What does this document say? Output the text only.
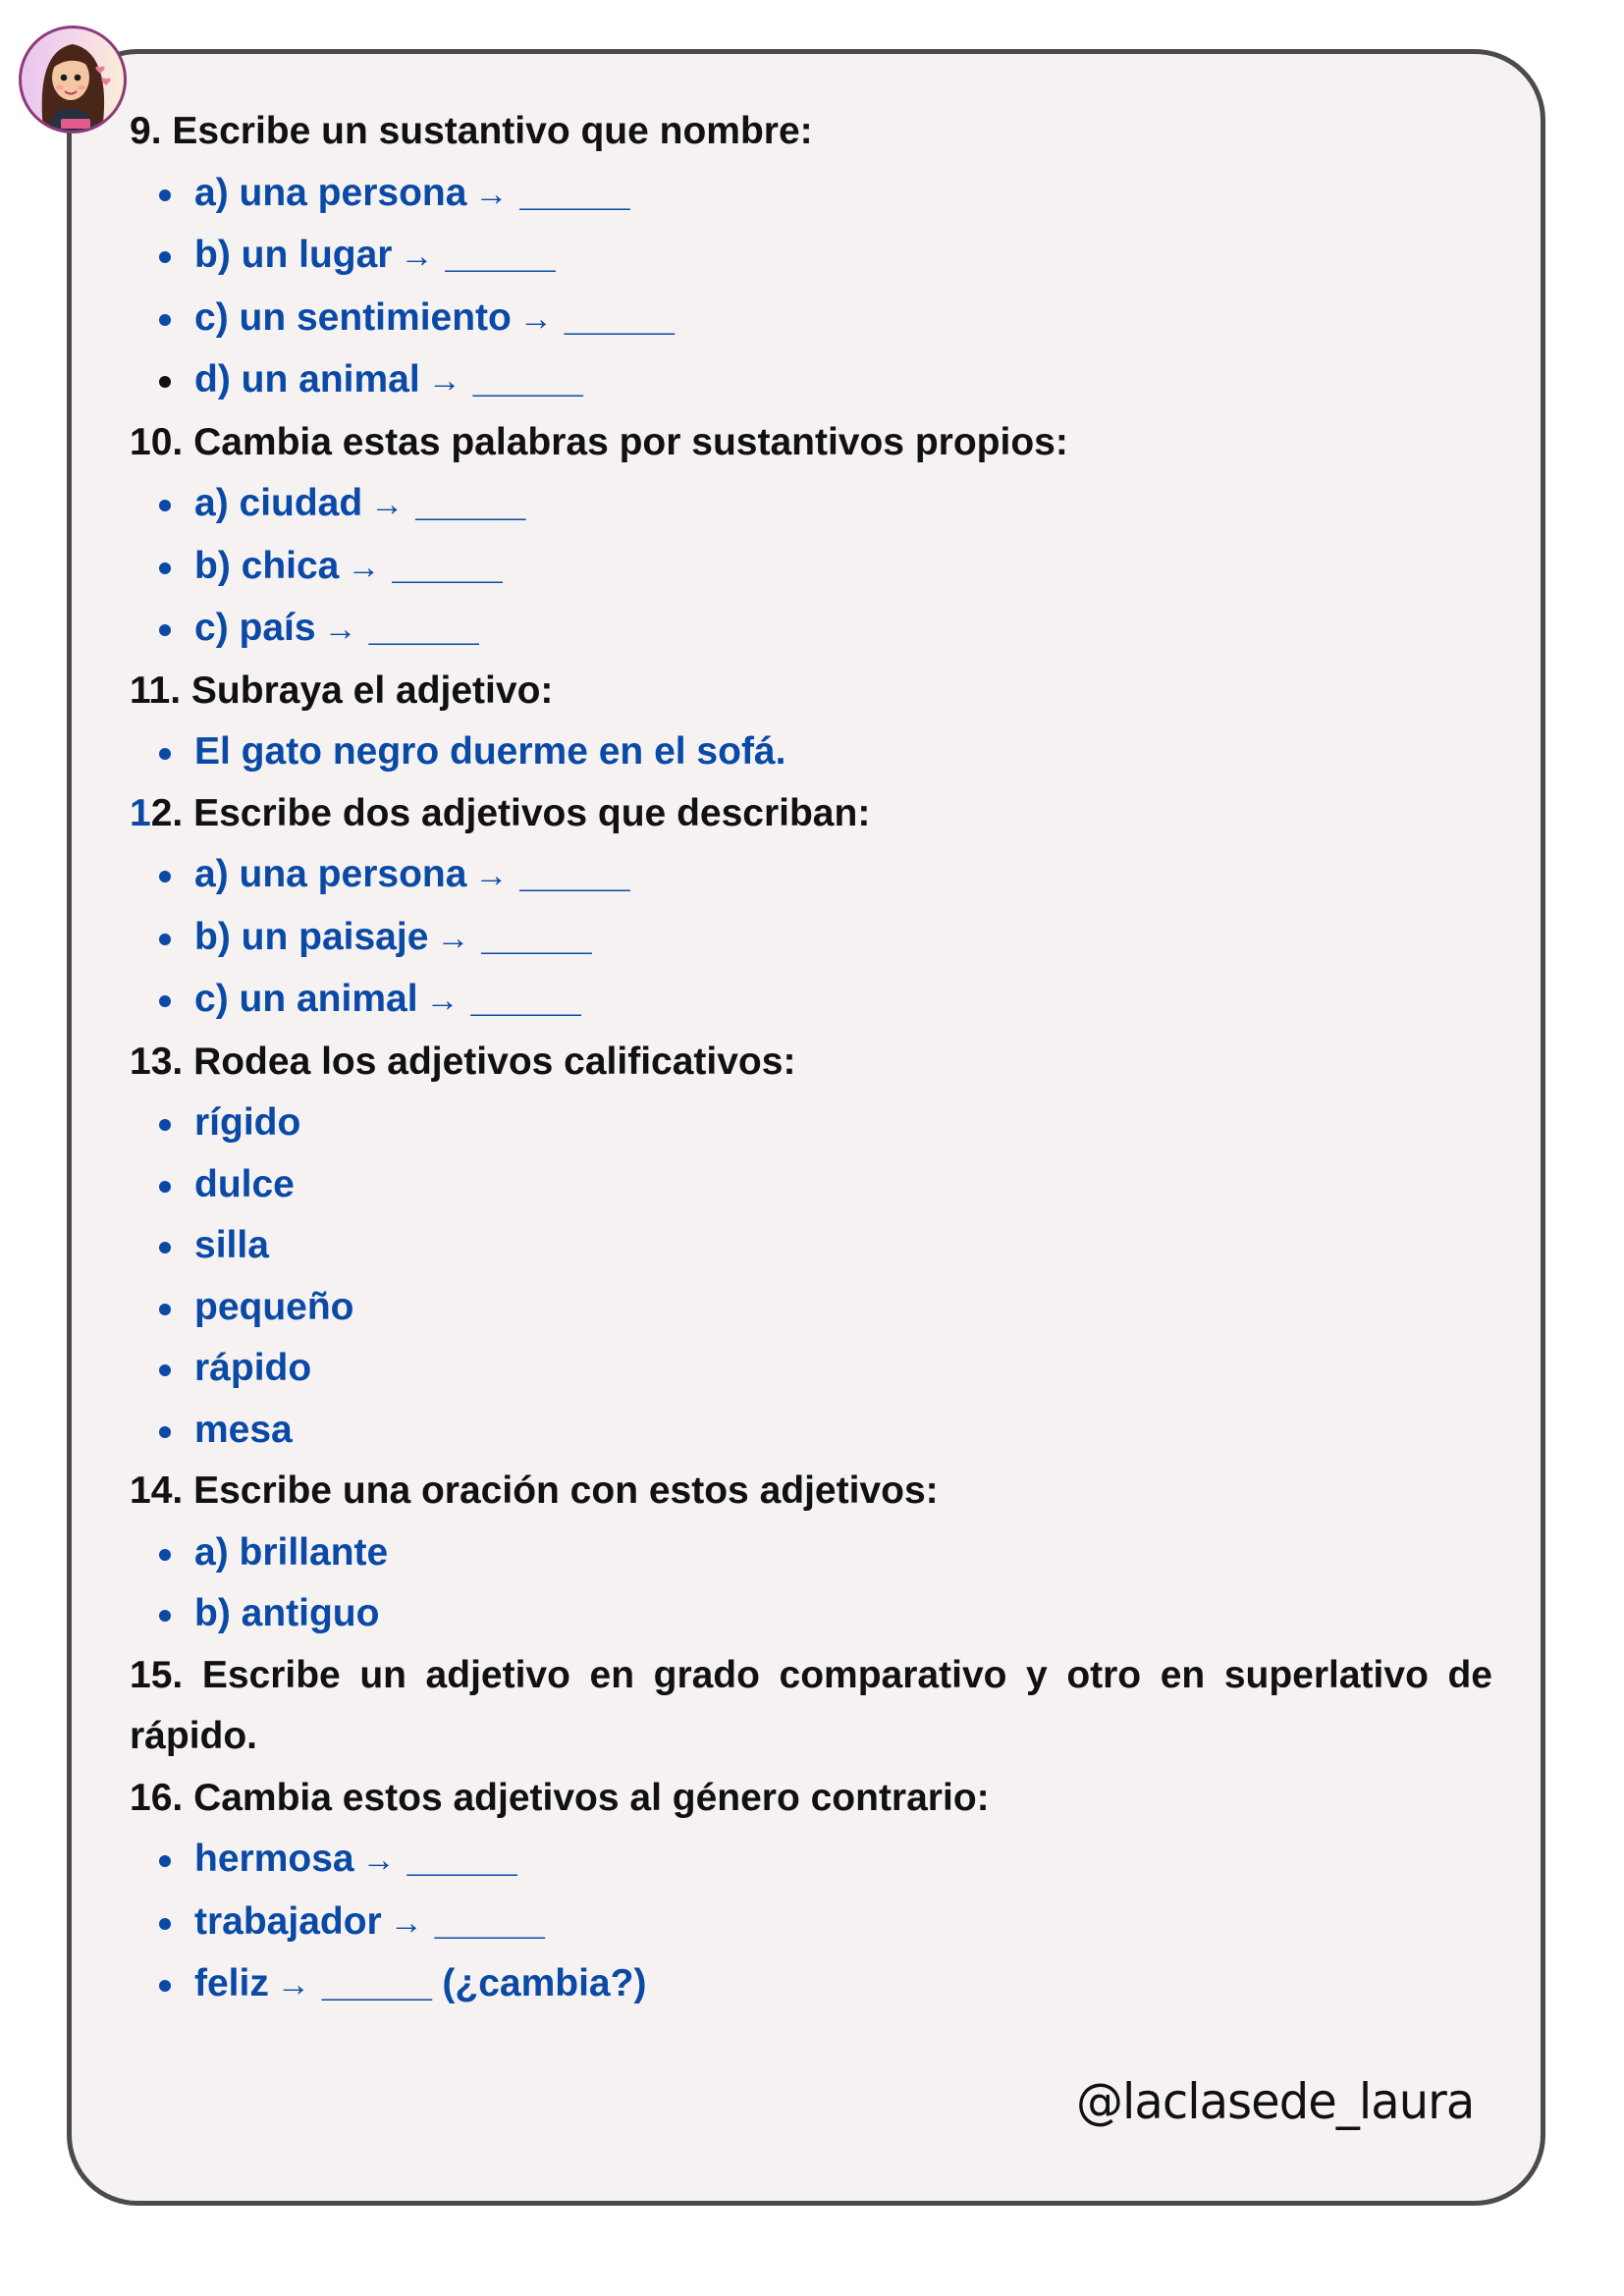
9. Escribe un sustantivo que nombre:

a) una persona → ______
b) un lugar → ______
c) un sentimiento → ______
d) un animal → ______

10. Cambia estas palabras por sustantivos propios:

a) ciudad → ______
b) chica → ______
c) país → ______

11. Subraya el adjetivo:

El gato negro duerme en el sofá.

12. Escribe dos adjetivos que describan:

a) una persona → ______
b) un paisaje → ______
c) un animal → ______

13. Rodea los adjetivos calificativos:

rígido
dulce
silla
pequeño
rápido
mesa

14. Escribe una oración con estos adjetivos:

a) brillante
b) antiguo

15. Escribe un adjetivo en grado comparativo y otro en superlativo de rápido.

16. Cambia estos adjetivos al género contrario:

hermosa → ______
trabajador → ______
feliz → ______ (¿cambia?)
@laclasede_laura
